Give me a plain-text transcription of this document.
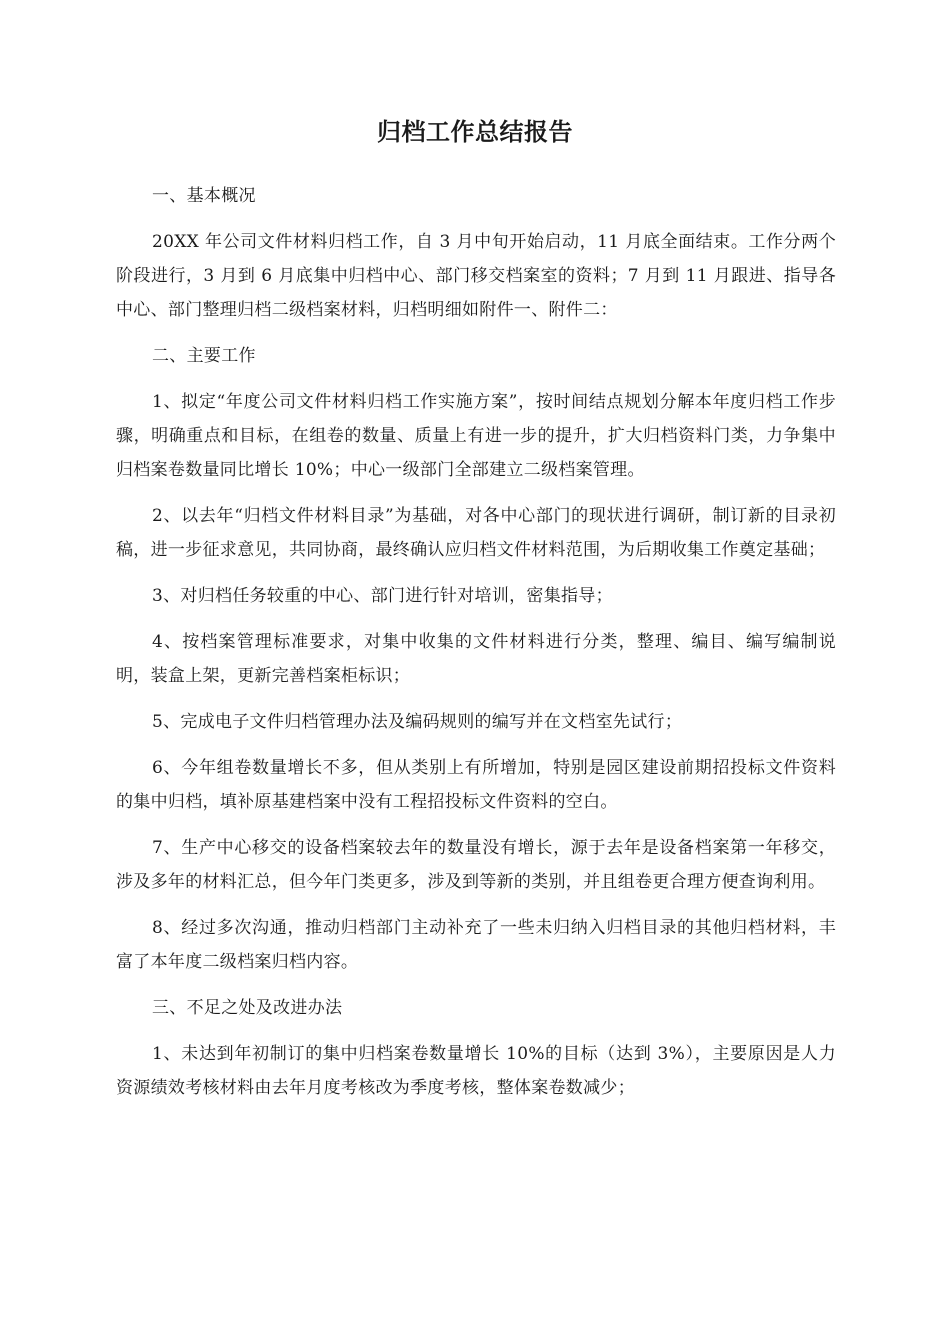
归档工作总结报告

一、基本概况

20XX 年公司文件材料归档工作，自 3 月中旬开始启动，11 月底全面结束。工作分两个阶段进行，3 月到 6 月底集中归档中心、部门移交档案室的资料；7 月到 11 月跟进、指导各中心、部门整理归档二级档案材料，归档明细如附件一、附件二：

二、主要工作

1、拟定“年度公司文件材料归档工作实施方案”，按时间结点规划分解本年度归档工作步骤，明确重点和目标，在组卷的数量、质量上有进一步的提升，扩大归档资料门类，力争集中归档案卷数量同比增长 10%；中心一级部门全部建立二级档案管理。

2、以去年“归档文件材料目录”为基础，对各中心部门的现状进行调研，制订新的目录初稿，进一步征求意见，共同协商，最终确认应归档文件材料范围，为后期收集工作奠定基础；

3、对归档任务较重的中心、部门进行针对培训，密集指导；

4、按档案管理标准要求，对集中收集的文件材料进行分类，整理、编目、编写编制说明，装盒上架，更新完善档案柜标识；

5、完成电子文件归档管理办法及编码规则的编写并在文档室先试行；

6、今年组卷数量增长不多，但从类别上有所增加，特别是园区建设前期招投标文件资料的集中归档，填补原基建档案中没有工程招投标文件资料的空白。

7、生产中心移交的设备档案较去年的数量没有增长，源于去年是设备档案第一年移交，涉及多年的材料汇总，但今年门类更多，涉及到等新的类别，并且组卷更合理方便查询利用。

8、经过多次沟通，推动归档部门主动补充了一些未归纳入归档目录的其他归档材料，丰富了本年度二级档案归档内容。

三、不足之处及改进办法

1、未达到年初制订的集中归档案卷数量增长 10%的目标（达到 3%），主要原因是人力资源绩效考核材料由去年月度考核改为季度考核，整体案卷数减少；
